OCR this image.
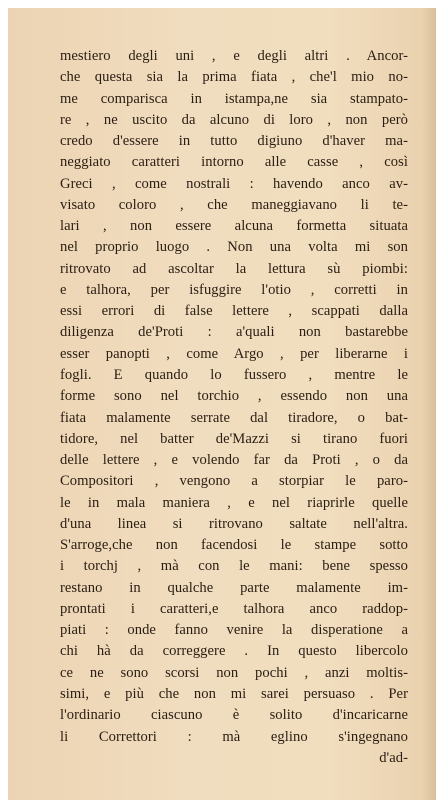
mestiero degli uni , e degli altri . Ancor-
che questa sia la prima fiata , che'l mio no-
me comparisca in istampa,ne sia stampato-
re , ne uscito da alcuno di loro , non però
credo d'essere in tutto digiuno d'haver ma-
neggiato caratteri intorno alle casse , così
Greci , come nostrali : havendo anco av-
visato coloro , che maneggiavano li te-
lari , non essere alcuna formetta situata
nel proprio luogo . Non una volta mi son
ritrovato ad ascoltar la lettura sù piombi:
e talhora, per isfuggire l'otio , corretti in
essi errori di false lettere , scappati dalla
diligenza de'Proti : a'quali non bastarebbe
esser panopti , come Argo , per liberarne i
fogli. E quando lo fussero , mentre le
forme sono nel torchio , essendo non una
fiata malamente serrate dal tiradore, o bat-
tidore, nel batter de'Mazzi si tirano fuori
delle lettere , e volendo far da Proti , o da
Compositori , vengono a storpiar le paro-
le in mala maniera , e nel riaprirle quelle
d'una linea si ritrovano saltate nell'altra.
S'arroge,che non facendosi le stampe sotto
i torchj , mà con le mani: bene spesso
restano in qualche parte malamente im-
prontati i caratteri,e talhora anco raddop-
piati : onde fanno venire la disperatione a
chi hà da correggere . In questo libercolo
ce ne sono scorsi non pochi , anzi moltis-
simi, e più che non mi sarei persuaso . Per
l'ordinario ciascuno è solito d'incaricarne
li Correttori : mà eglino s'ingegnano
d'ad-
